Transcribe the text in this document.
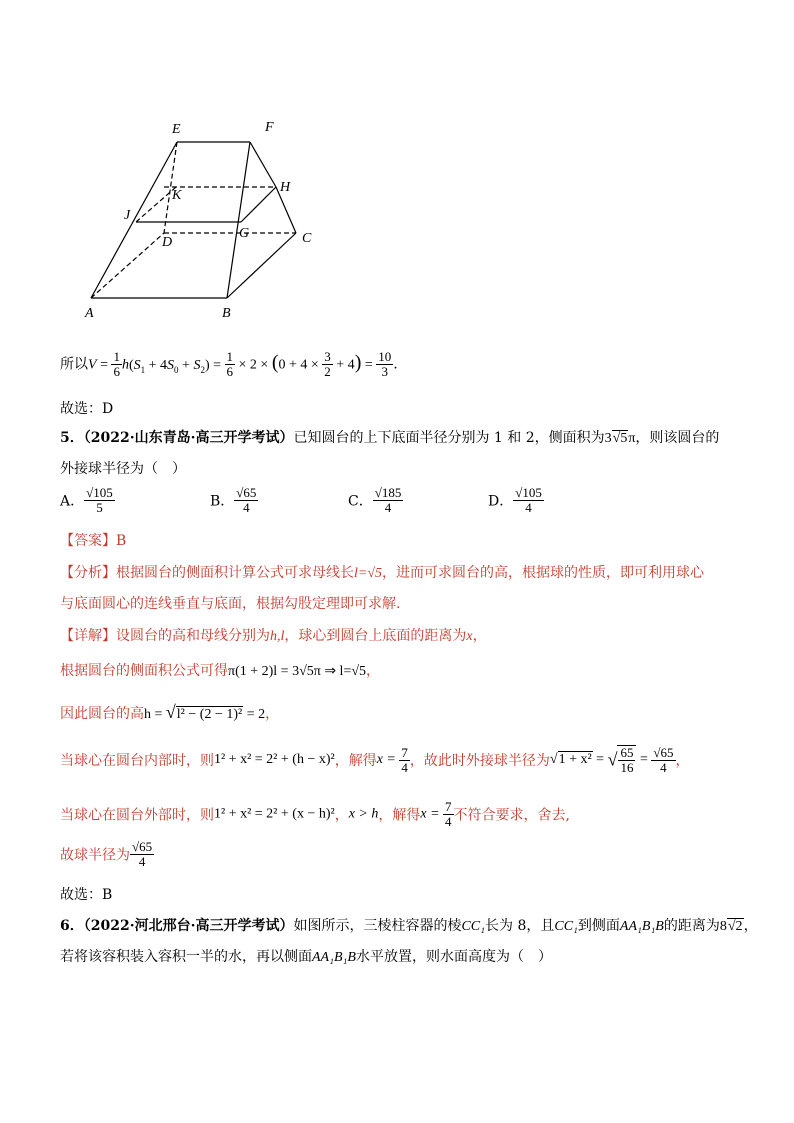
E	F
H
K
J
G
D	C
A	B
所以$V = \frac{1}{6} h(S_1 + 4S_0 + S_2) = \frac{1}{6} \times 2 \times (0 + 4 \times \frac{3}{2} + 4) = \frac{10}{3}$ .
故选：D
5．（2022·山东青岛·高三开学考试）已知圆台的上下底面半径分别为 1 和 2，侧面积为3√5π，则该圆台的
外接球半径为（　）
A． $\frac{√105}{5}$	B． $\frac{√65}{4}$	C． $\frac{√185}{4}$	D． $\frac{√105}{4}$
【答案】B
【分析】根据圆台的侧面积计算公式可求母线长l=√5，进而可求圆台的高，根据球的性质，即可利用球心
与底面圆心的连线垂直与底面，根据勾股定理即可求解.
【详解】设圆台的高和母线分别为h,l，球心到圆台上底面的距离为x，
根据圆台的侧面积公式可得π(1 + 2)l = 3√5π ⇒ l=√5，
因此圆台的高h = √l² − (2 − 1)² = 2，
当球心在圆台内部时，则1² + x² = 2² + (h − x)²，解得$x = \frac{7}{4}$ ，故此时外接球半径为√1 + x² = √ $\frac{65}{16} = \frac{√65}{4}$ ，
当球心在圆台外部时，则1² + x² = 2² + (x − h)²，x > h，解得$x = \frac{7}{4}$ 不符合要求，舍去,
故球半径为 $\frac{√65}{4}$
故选：B
6．（2022·河北邢台·高三开学考试）如图所示，三棱柱容器的棱CC₁长为 8，且CC₁到侧面AA₁B₁B的距离为8√2，
若将该容积装入容积一半的水，再以侧面AA₁B₁B水平放置，则水面高度为（　）
